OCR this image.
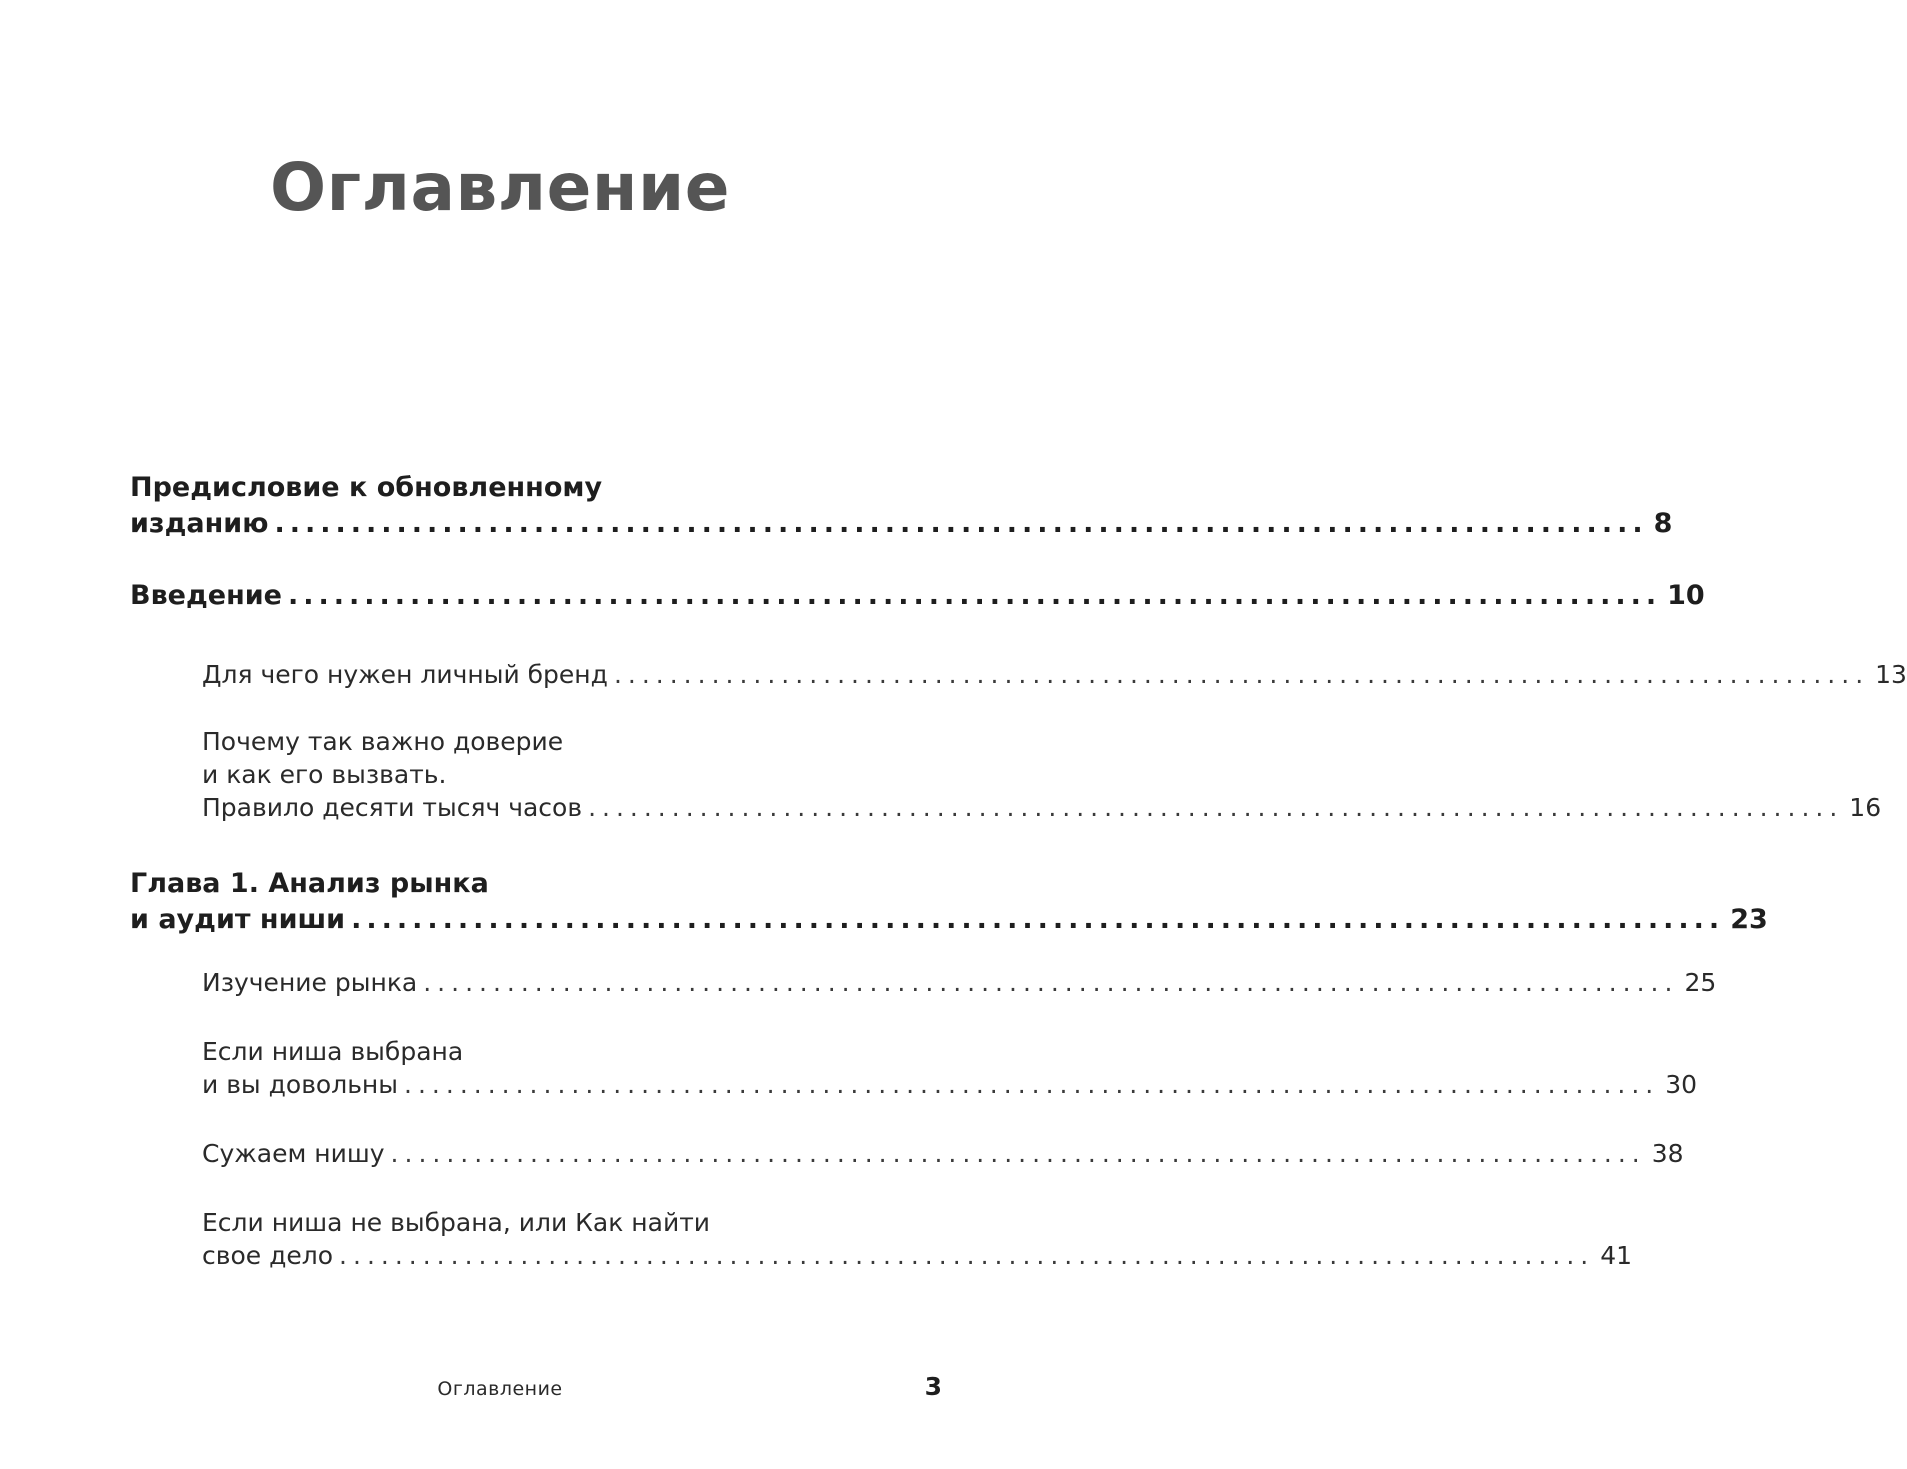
Оглавление
Предисловие к обновленному
изданию .......................................................................................... 8
Введение .......................................................................................... 10
Для чего нужен личный бренд .......................................................................................... 13
Почему так важно доверие
и как его вызвать.
Правило десяти тысяч часов .......................................................................................... 16
Глава 1. Анализ рынка
и аудит ниши .......................................................................................... 23
Изучение рынка .......................................................................................... 25
Если ниша выбрана
и вы довольны .......................................................................................... 30
Сужаем нишу .......................................................................................... 38
Если ниша не выбрана, или Как найти
свое дело .......................................................................................... 41
Оглавление	3
